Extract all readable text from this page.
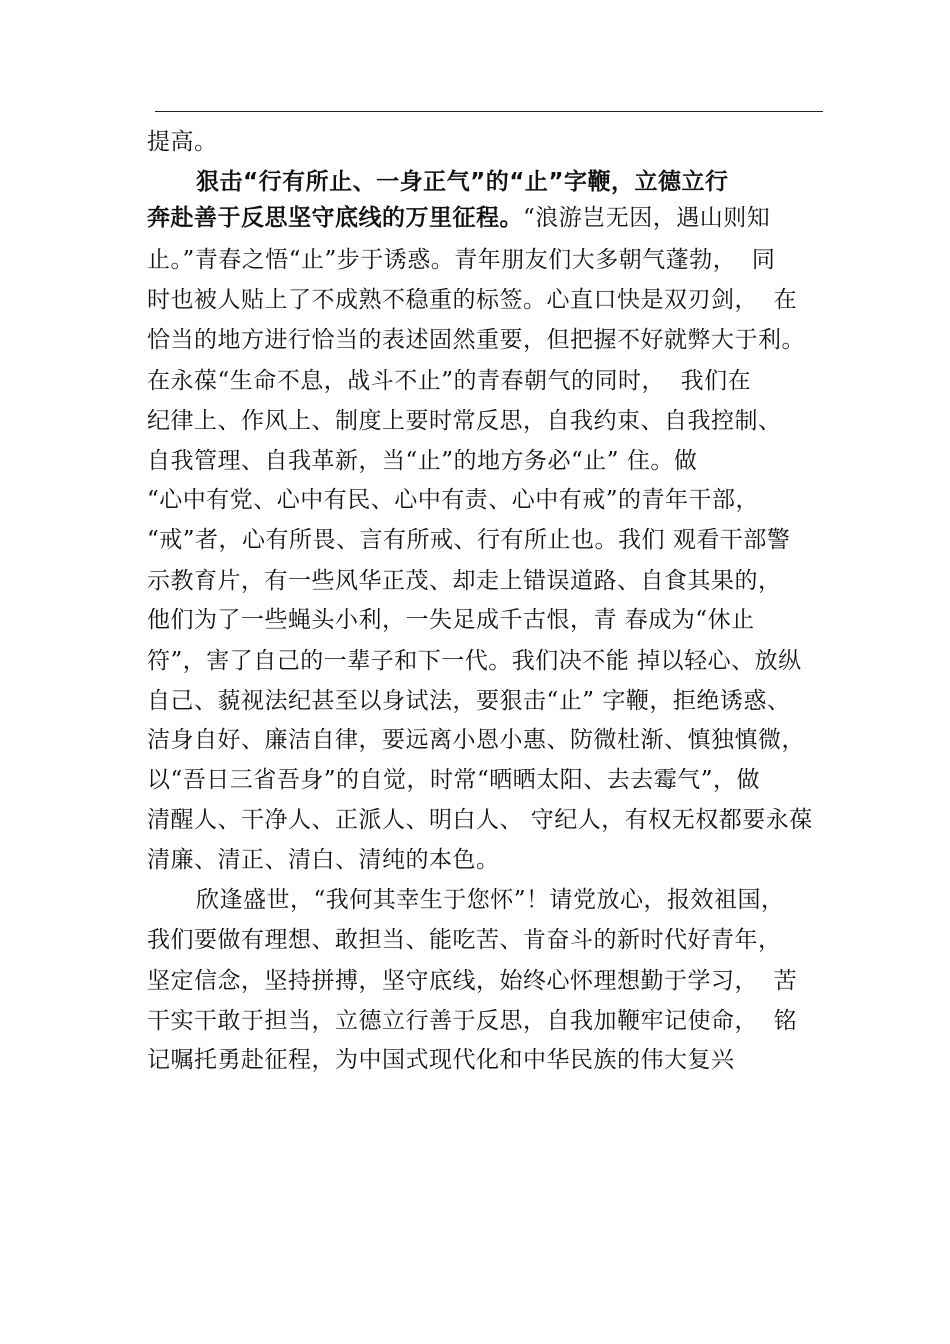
提高。
狠击“行有所止、一身正气”的“止”字鞭，立德立行
奔赴善于反思坚守底线的万里征程。“浪游岂无因，遇山则知
止。”青春之悟“止”步于诱惑。青年朋友们大多朝气蓬勃，  同
时也被人贴上了不成熟不稳重的标签。心直口快是双刃剑，  在
恰当的地方进行恰当的表述固然重要，但把握不好就弊大于利。
在永葆“生命不息，战斗不止”的青春朝气的同时，  我们在
纪律上、作风上、制度上要时常反思，自我约束、自我控制、
自我管理、自我革新，当“止”的地方务必“止” 住。做
“心中有党、心中有民、心中有责、心中有戒”的青年干部，
“戒”者，心有所畏、言有所戒、行有所止也。我们 观看干部警
示教育片，有一些风华正茂、却走上错误道路、自食其果的，
他们为了一些蝇头小利，一失足成千古恨，青 春成为“休止
符”，害了自己的一辈子和下一代。我们决不能 掉以轻心、放纵
自己、藐视法纪甚至以身试法，要狠击“止” 字鞭，拒绝诱惑、
洁身自好、廉洁自律，要远离小恩小惠、防微杜渐、慎独慎微，
以“吾日三省吾身”的自觉，时常“晒晒太阳、去去霉气”，做
清醒人、干净人、正派人、明白人、 守纪人，有权无权都要永葆
清廉、清正、清白、清纯的本色。
欣逢盛世，“我何其幸生于您怀”！请党放心，报效祖国，
我们要做有理想、敢担当、能吃苦、肯奋斗的新时代好青年，
坚定信念，坚持拼搏，坚守底线，始终心怀理想勤于学习，  苦
干实干敢于担当，立德立行善于反思，自我加鞭牢记使命，  铭
记嘱托勇赴征程，为中国式现代化和中华民族的伟大复兴
